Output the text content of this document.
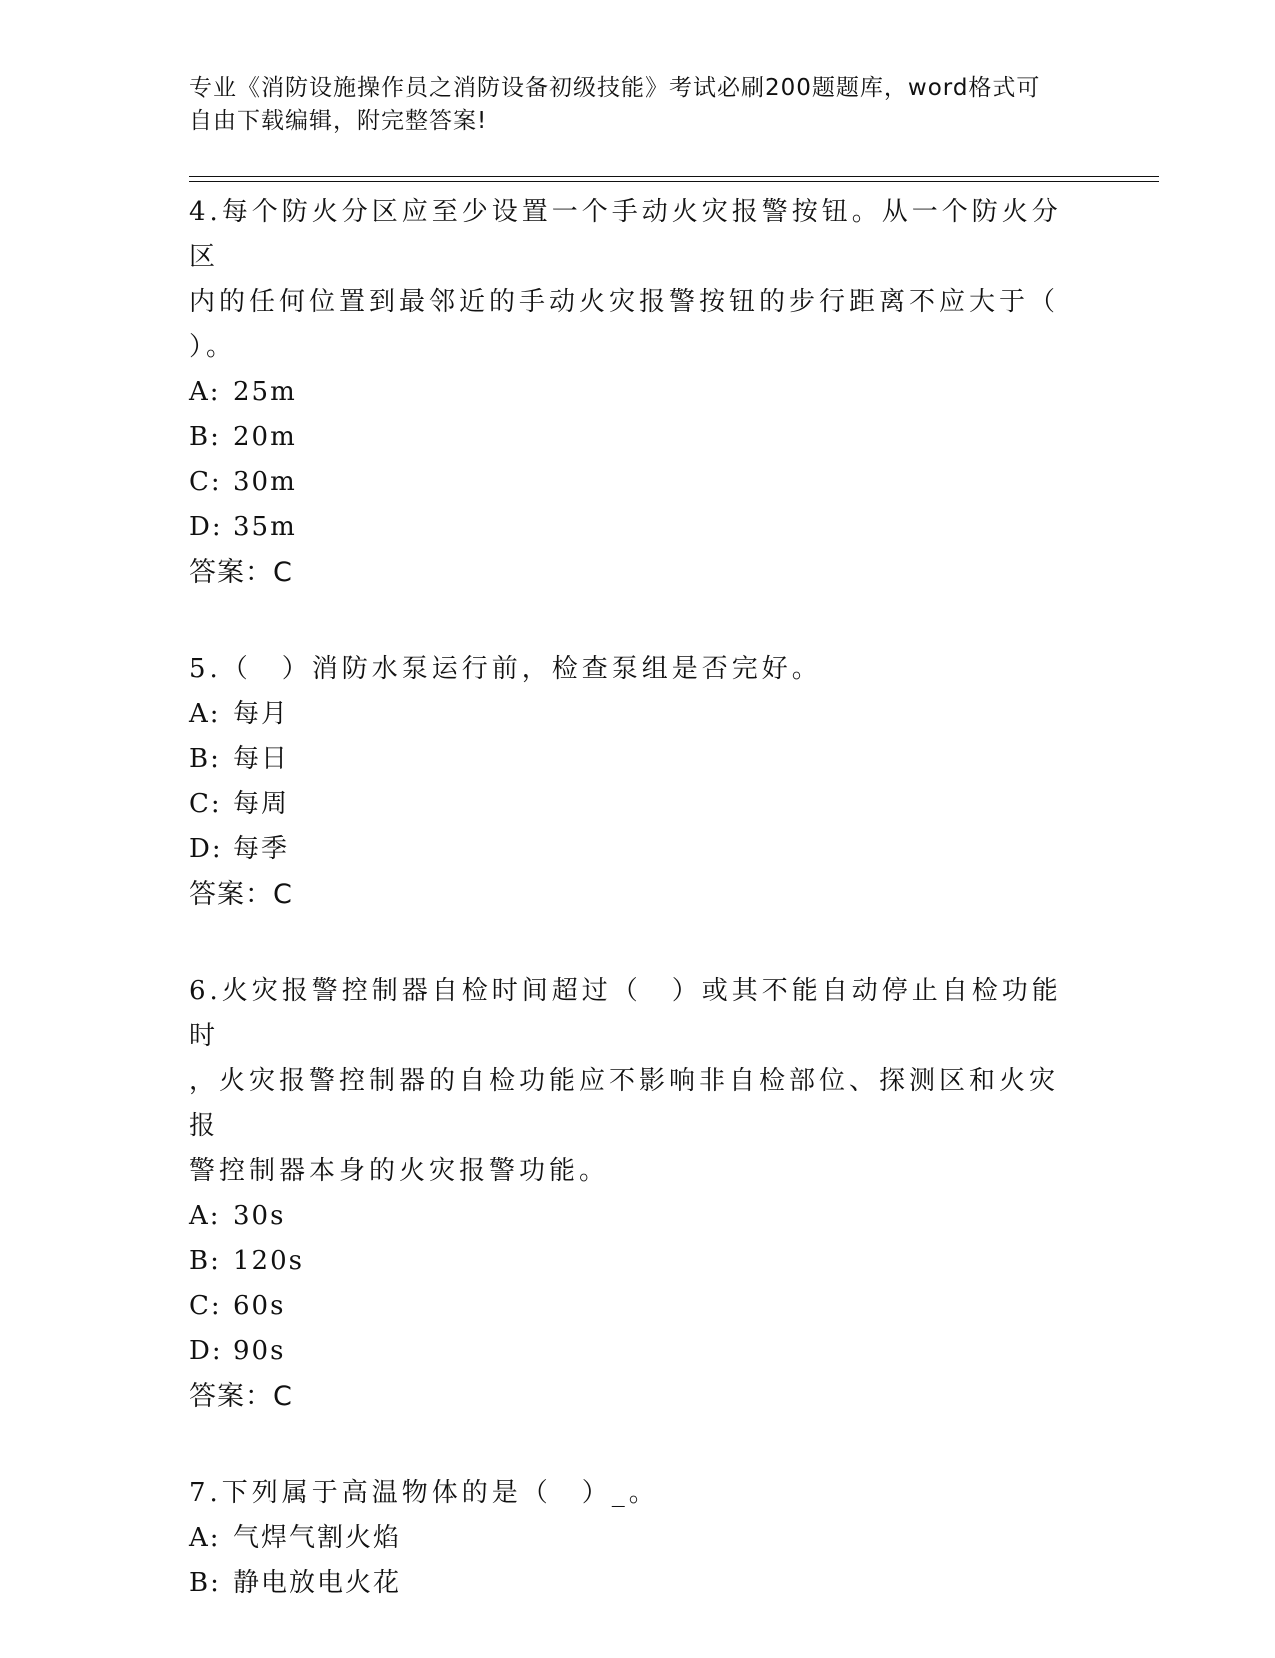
专业《消防设施操作员之消防设备初级技能》考试必刷200题题库，word格式可
自由下载编辑，附完整答案!
4.每个防火分区应至少设置一个手动火灾报警按钮。从一个防火分区
内的任何位置到最邻近的手动火灾报警按钮的步行距离不应大于（
）。
A: 25m
B: 20m
C: 30m
D: 35m
答案：C
5.（　）消防水泵运行前，检查泵组是否完好。
A: 每月
B: 每日
C: 每周
D: 每季
答案：C
6.火灾报警控制器自检时间超过（　）或其不能自动停止自检功能时
，火灾报警控制器的自检功能应不影响非自检部位、探测区和火灾报
警控制器本身的火灾报警功能。
A: 30s
B: 120s
C: 60s
D: 90s
答案：C
7.下列属于高温物体的是（　）_。
A: 气焊气割火焰
B: 静电放电火花
